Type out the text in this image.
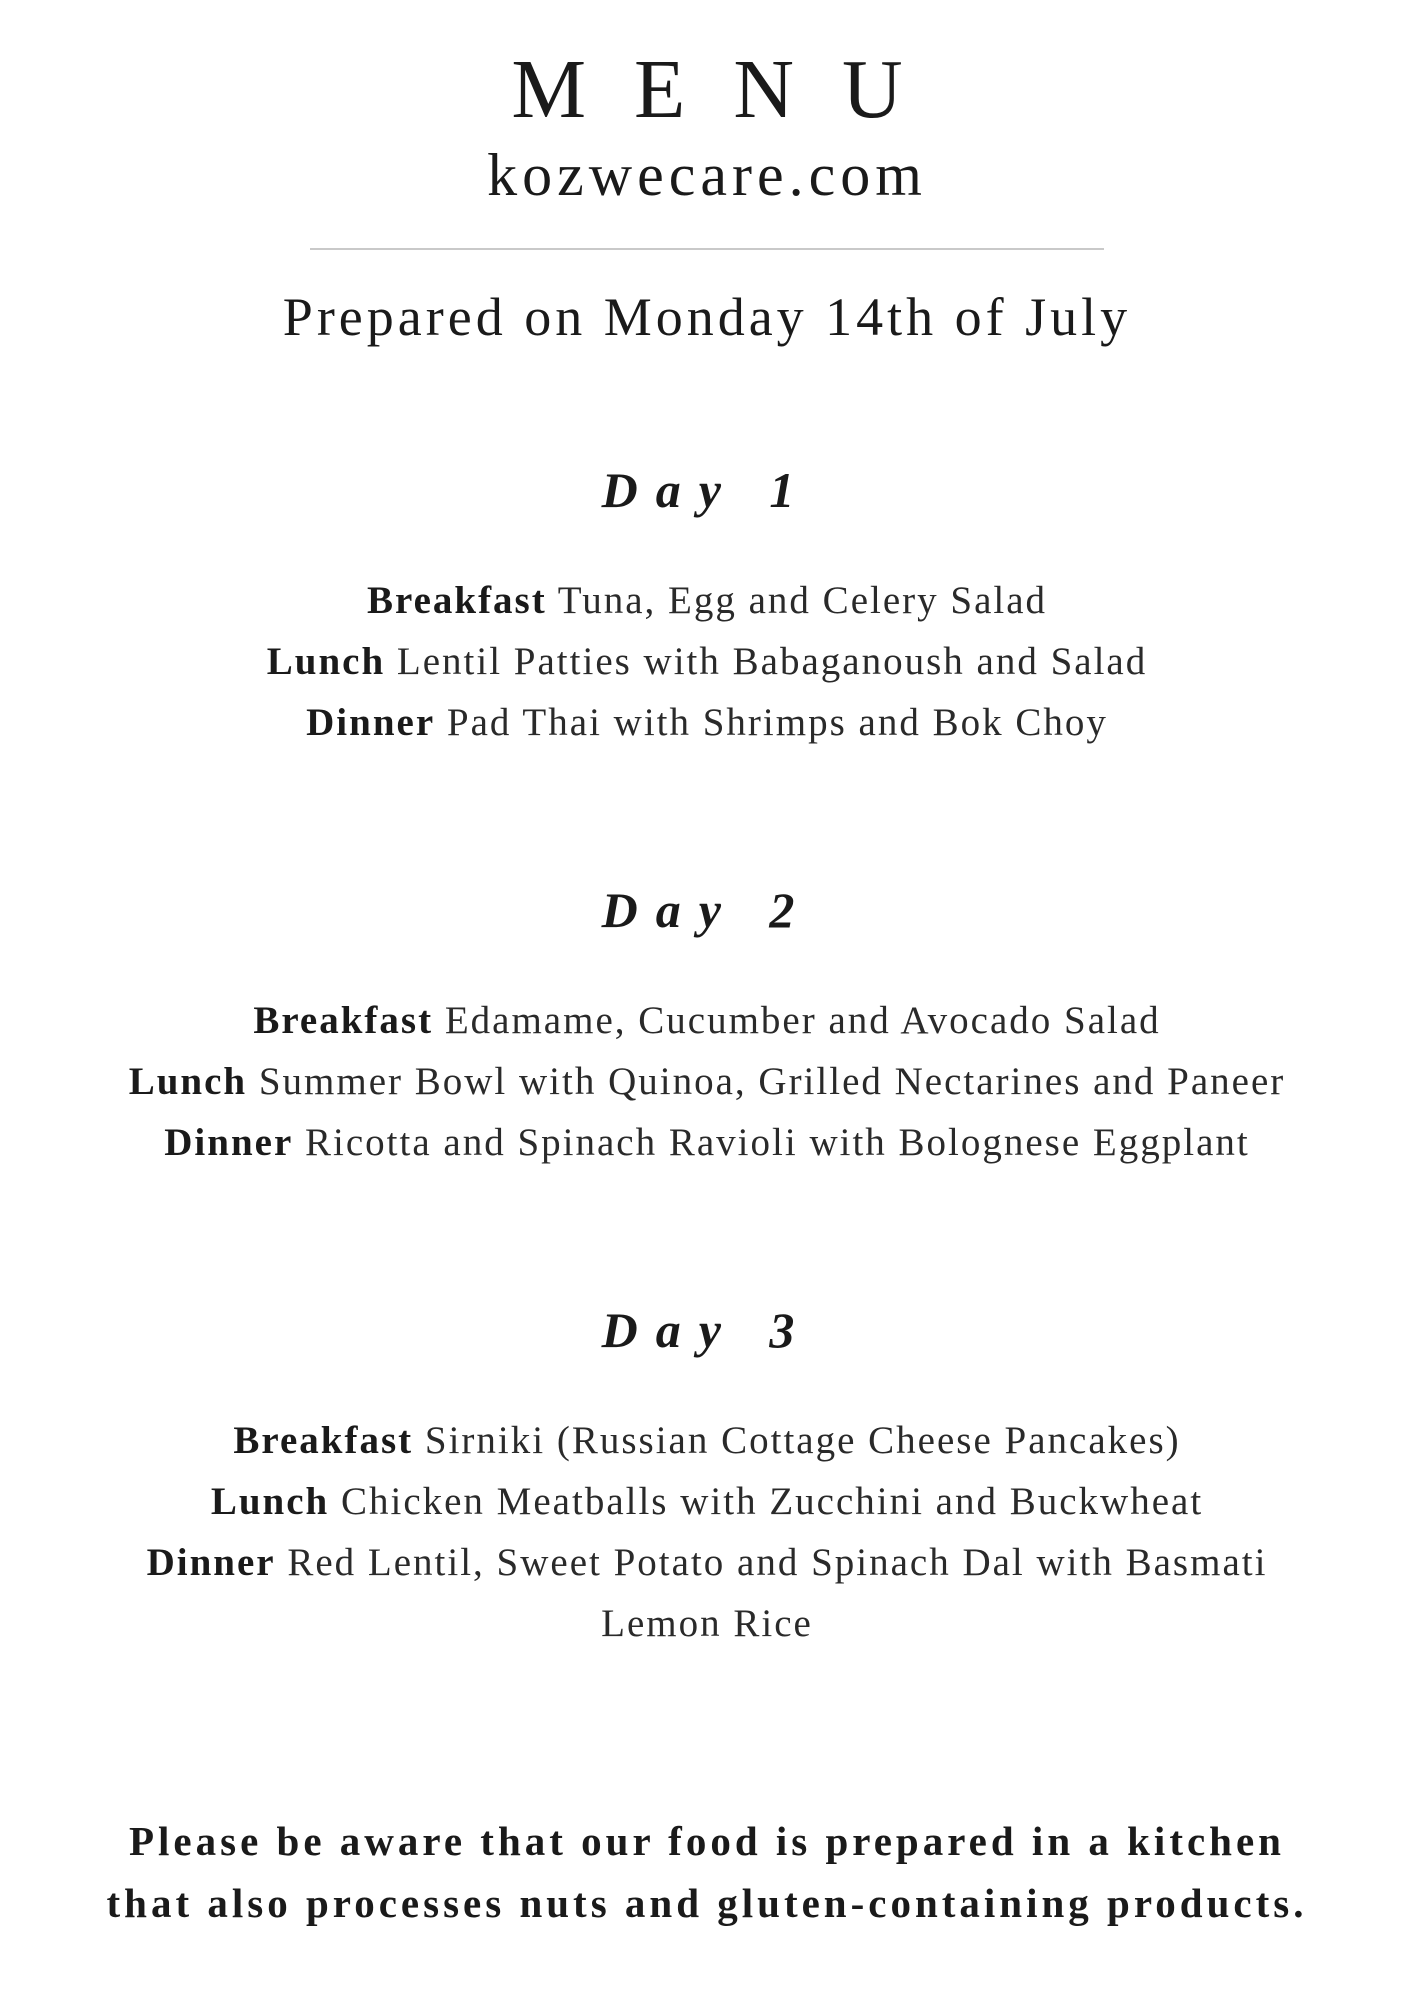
MENU
kozwecare.com
Prepared on Monday 14th of July
Day 1
Breakfast Tuna, Egg and Celery Salad
Lunch Lentil Patties with Babaganoush and Salad
Dinner Pad Thai with Shrimps and Bok Choy
Day 2
Breakfast Edamame, Cucumber and Avocado Salad
Lunch Summer Bowl with Quinoa, Grilled Nectarines and Paneer
Dinner Ricotta and Spinach Ravioli with Bolognese Eggplant
Day 3
Breakfast Sirniki (Russian Cottage Cheese Pancakes)
Lunch Chicken Meatballs with Zucchini and Buckwheat
Dinner Red Lentil, Sweet Potato and Spinach Dal with Basmati Lemon Rice
Please be aware that our food is prepared in a kitchen
that also processes nuts and gluten-containing products.
